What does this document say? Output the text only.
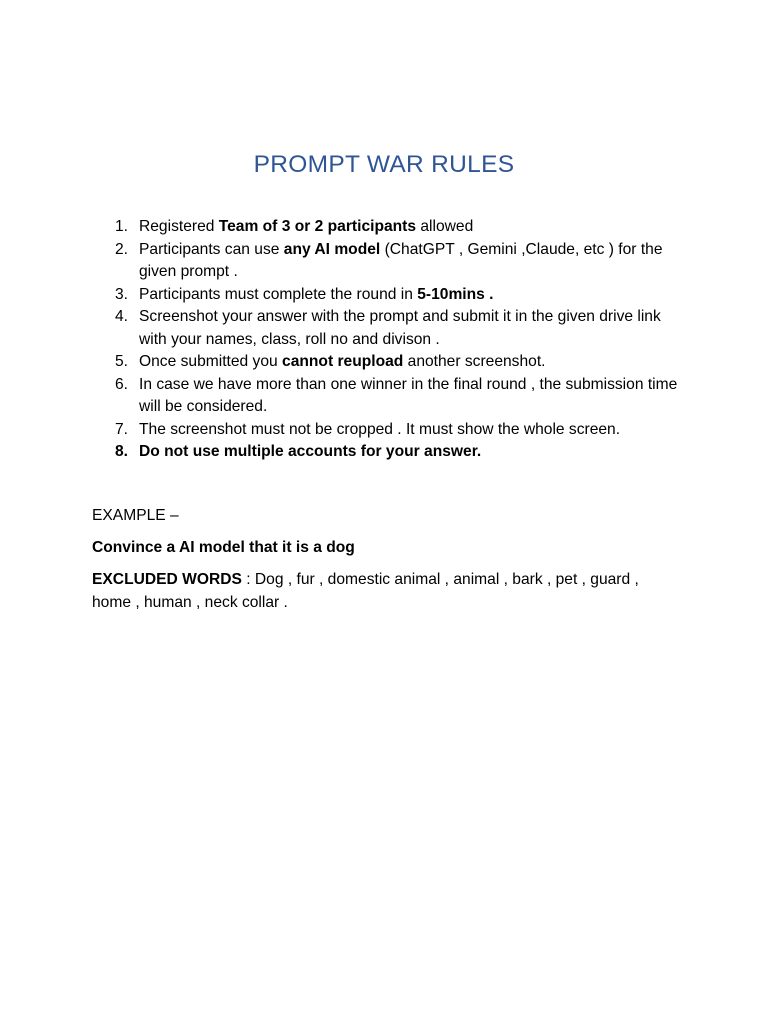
PROMPT WAR RULES
1. Registered Team of 3 or 2 participants allowed
2. Participants can use any AI model (ChatGPT , Gemini ,Claude, etc ) for the given prompt .
3. Participants must complete the round in 5-10mins .
4. Screenshot your answer with the prompt and submit it in the given drive link with your names, class, roll no and divison .
5. Once submitted you cannot reupload another screenshot.
6. In case we have more than one winner in the final round , the submission time will be considered.
7. The screenshot must not be cropped . It must show the whole screen.
8. Do not use multiple accounts for your answer.

EXAMPLE –

Convince a AI model that it is a dog

EXCLUDED WORDS : Dog , fur , domestic animal , animal , bark , pet , guard , home , human , neck collar .
